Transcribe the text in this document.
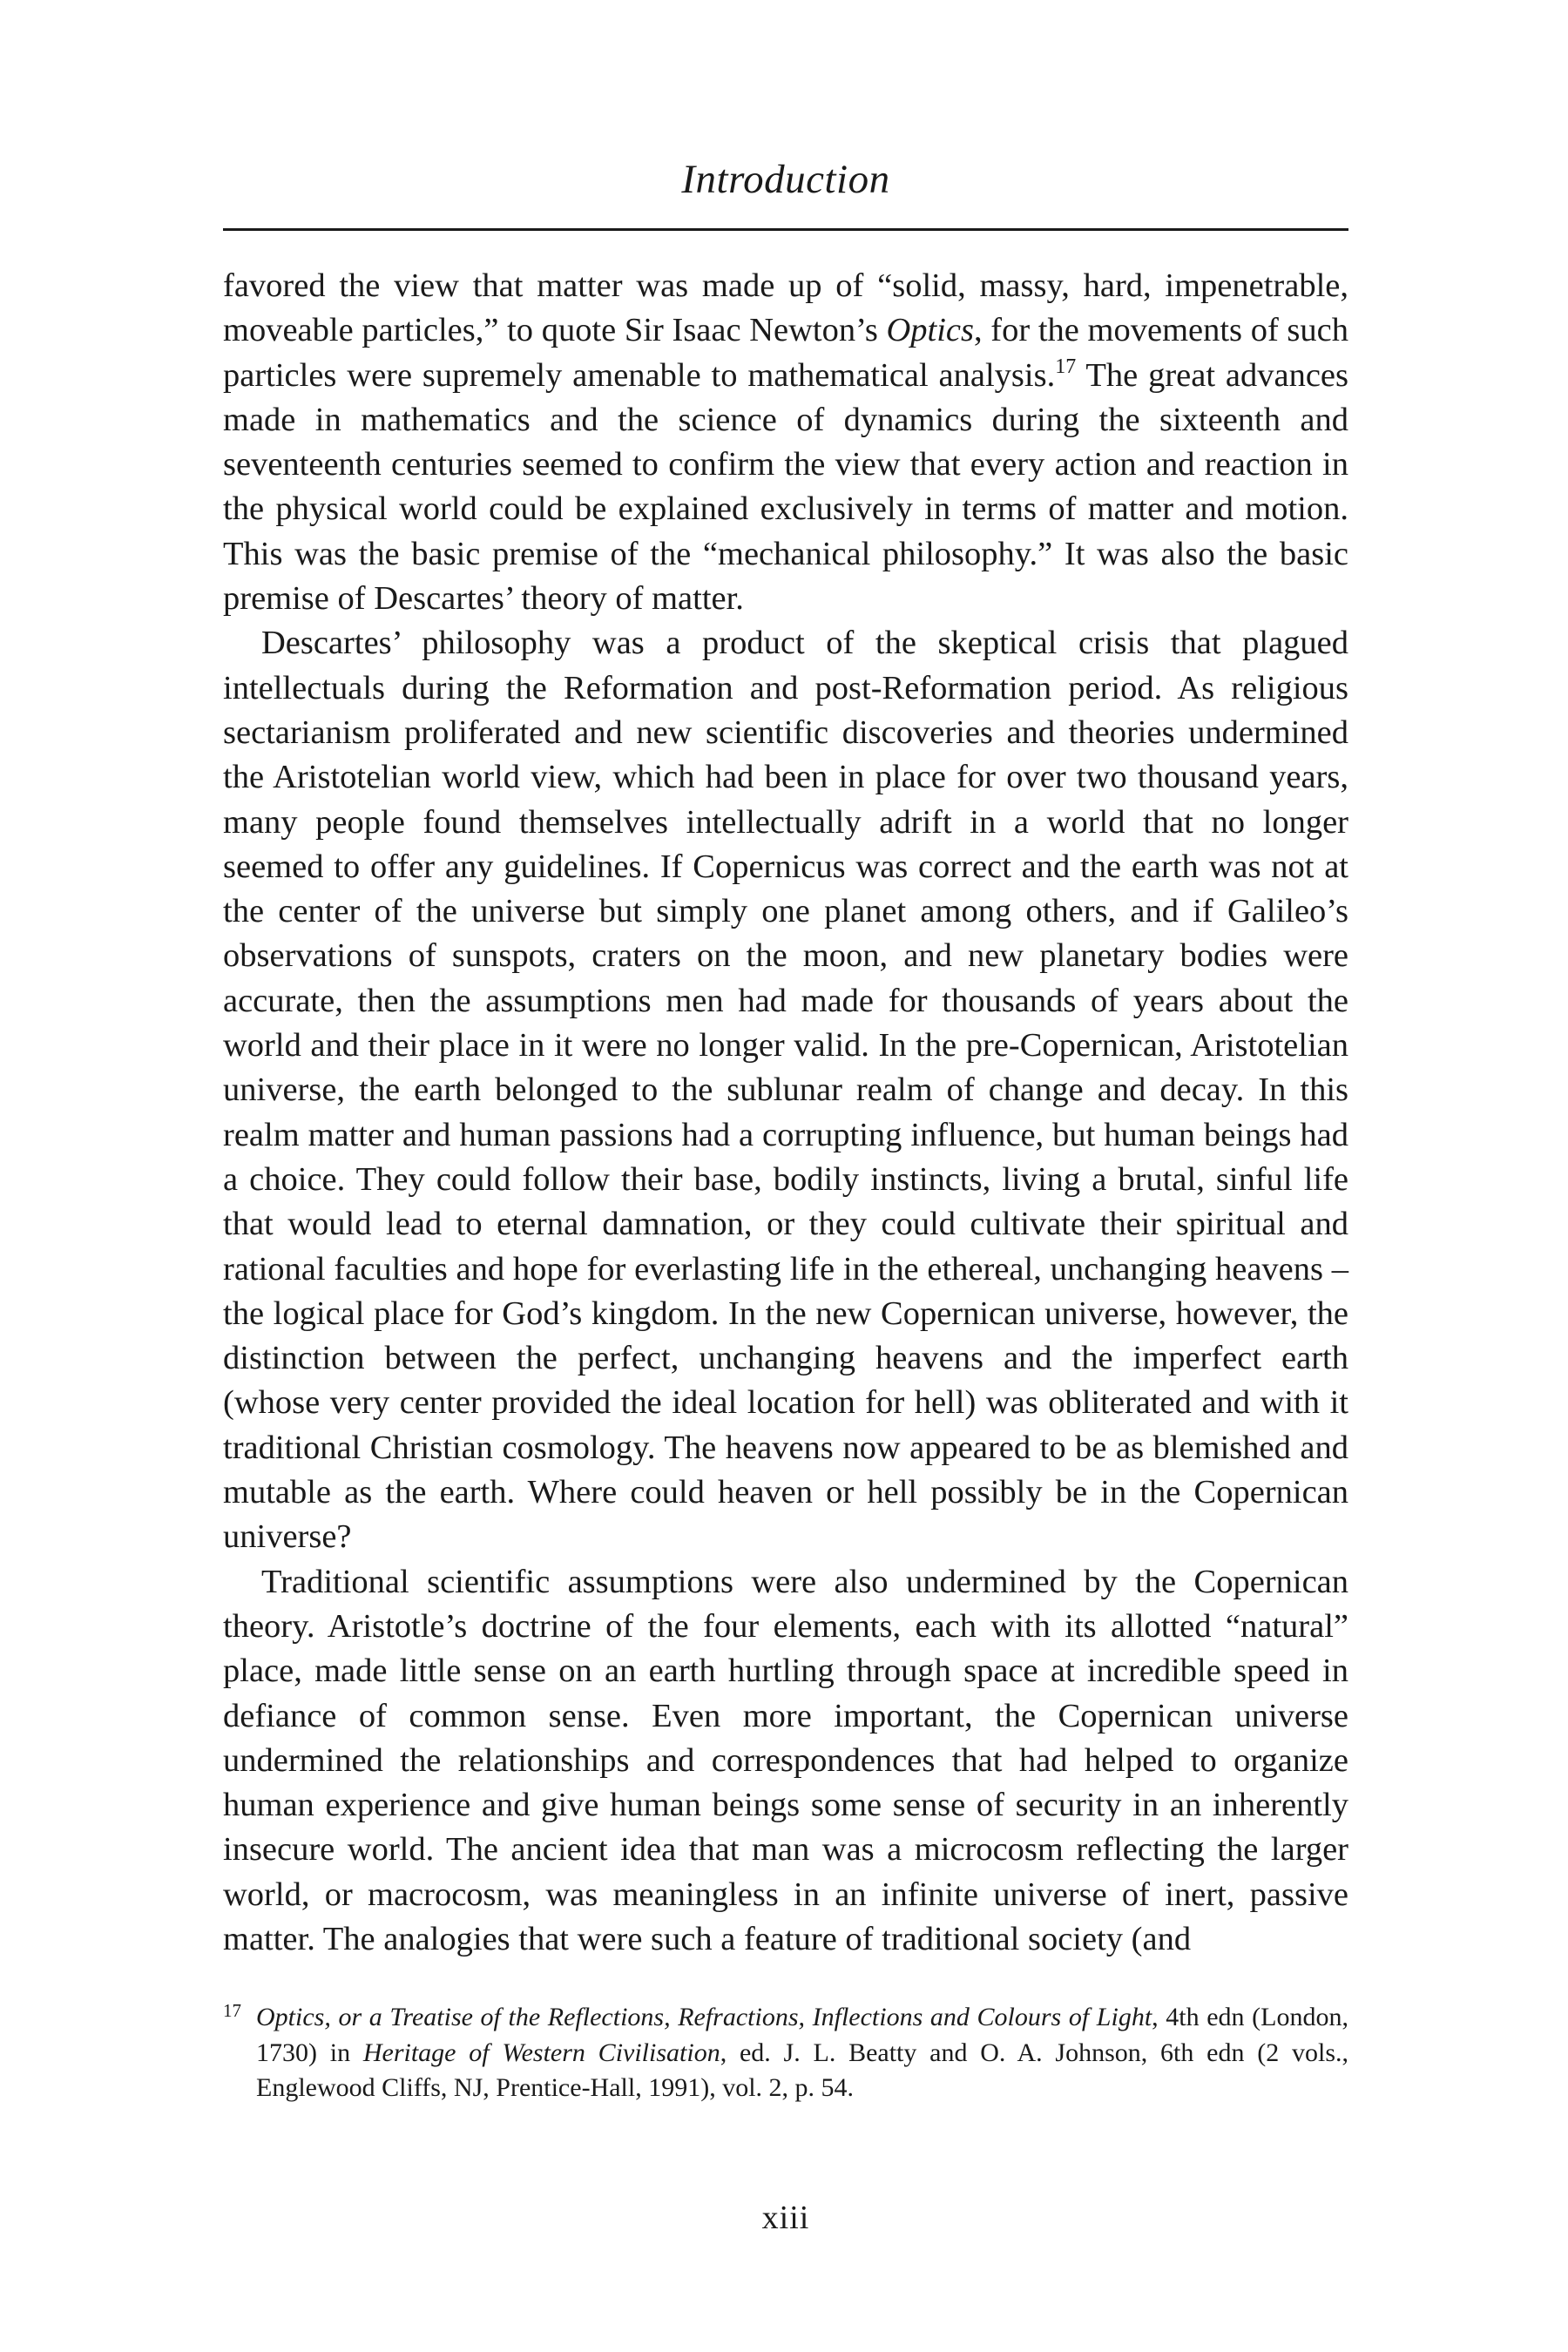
Introduction

favored the view that matter was made up of “solid, massy, hard, impenetrable, moveable particles,” to quote Sir Isaac Newton’s Optics, for the movements of such particles were supremely amenable to mathematical analysis.$^{17}$ The great advances made in mathematics and the science of dynamics during the sixteenth and seventeenth centuries seemed to confirm the view that every action and reaction in the physical world could be explained exclusively in terms of matter and motion. This was the basic premise of the “mechanical philosophy.” It was also the basic premise of Descartes’ theory of matter.

Descartes’ philosophy was a product of the skeptical crisis that plagued intellectuals during the Reformation and post-Reformation period. As religious sectarianism proliferated and new scientific discoveries and theories undermined the Aristotelian world view, which had been in place for over two thousand years, many people found themselves intellectually adrift in a world that no longer seemed to offer any guidelines. If Copernicus was correct and the earth was not at the center of the universe but simply one planet among others, and if Galileo’s observations of sunspots, craters on the moon, and new planetary bodies were accurate, then the assumptions men had made for thousands of years about the world and their place in it were no longer valid. In the pre-Copernican, Aristotelian universe, the earth belonged to the sublunar realm of change and decay. In this realm matter and human passions had a corrupting influence, but human beings had a choice. They could follow their base, bodily instincts, living a brutal, sinful life that would lead to eternal damnation, or they could cultivate their spiritual and rational faculties and hope for everlasting life in the ethereal, unchanging heavens – the logical place for God’s kingdom. In the new Copernican universe, however, the distinction between the perfect, unchanging heavens and the imperfect earth (whose very center provided the ideal location for hell) was obliterated and with it traditional Christian cosmology. The heavens now appeared to be as blemished and mutable as the earth. Where could heaven or hell possibly be in the Copernican universe?

Traditional scientific assumptions were also undermined by the Copernican theory. Aristotle’s doctrine of the four elements, each with its allotted “natural” place, made little sense on an earth hurtling through space at incredible speed in defiance of common sense. Even more important, the Copernican universe undermined the relationships and correspondences that had helped to organize human experience and give human beings some sense of security in an inherently insecure world. The ancient idea that man was a microcosm reflecting the larger world, or macrocosm, was meaningless in an infinite universe of inert, passive matter. The analogies that were such a feature of traditional society (and

17 Optics, or a Treatise of the Reflections, Refractions, Inflections and Colours of Light, 4th edn (London, 1730) in Heritage of Western Civilisation, ed. J. L. Beatty and O. A. Johnson, 6th edn (2 vols., Englewood Cliffs, NJ, Prentice-Hall, 1991), vol. 2, p. 54.

xiii
